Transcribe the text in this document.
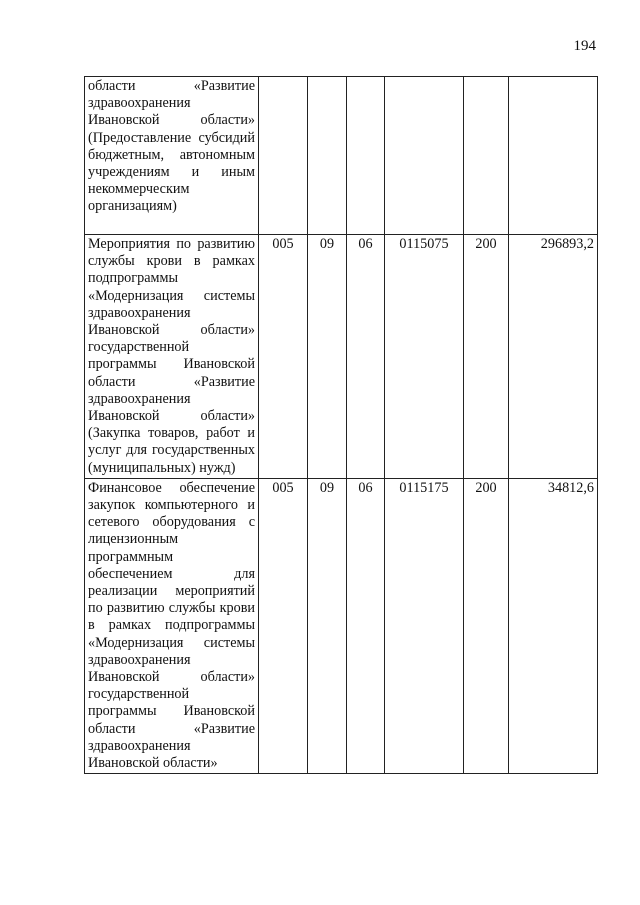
194
области «Развитие здравоохранения Ивановской области» (Предоставление субсидий бюджетным, автономным учреждениям и иным некоммерческим организациям)						
Мероприятия по развитию службы крови в рамках подпрограммы «Модернизация системы здравоохранения Ивановской области» государственной программы Ивановской области «Развитие здравоохранения Ивановской области» (Закупка товаров, работ и услуг для государственных (муниципальных) нужд)	005	09	06	0115075	200	296893,2
Финансовое обеспечение закупок компьютерного и сетевого оборудования с лицензионным программным обеспечением для реализации мероприятий по развитию службы крови в рамках подпрограммы «Модернизация системы здравоохранения Ивановской области» государственной программы Ивановской области «Развитие здравоохранения Ивановской области»	005	09	06	0115175	200	34812,6
